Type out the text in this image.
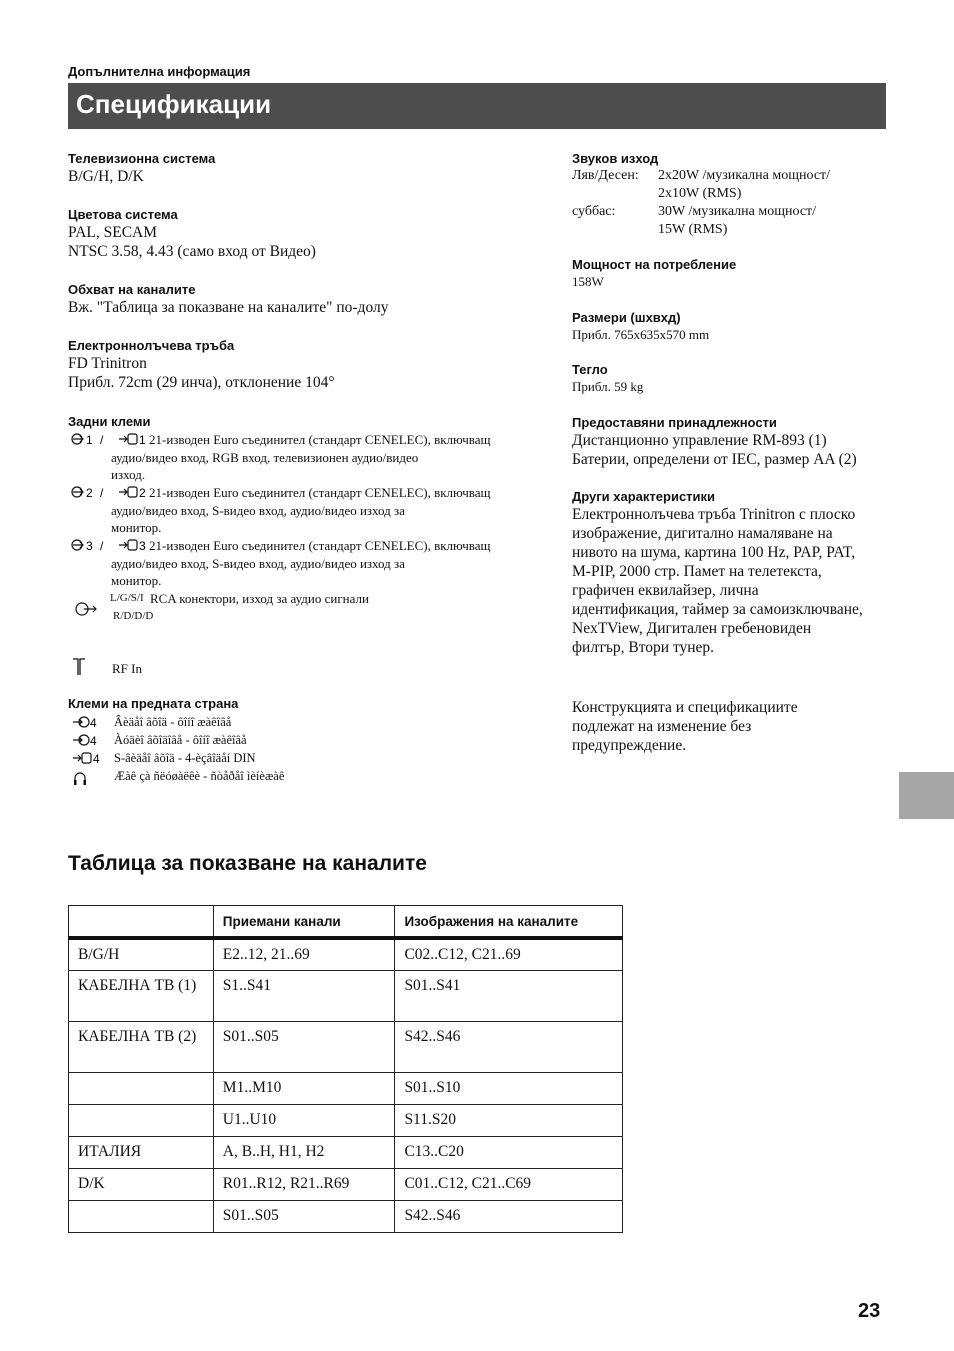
Допълнителна информация
Спецификации
Телевизионна система
B/G/H, D/K
Цветова система
PAL, SECAM
NTSC 3.58, 4.43 (само вход от Видео)
Обхват на каналите
Вж. "Таблица за показване на каналите" по-долу
Електроннолъчева тръба
FD Trinitron
Прибл. 72cm (29 инча), отклонение 104°
Задни клеми
1 /	1 21-изводен Euro съединител (стандарт CENELEC), включващ
аудио/видео вход, RGB вход, телевизионен аудио/видео
изход.
2 /	2 21-изводен Euro съединител (стандарт CENELEC), включващ
аудио/видео вход, S-видео вход, аудио/видео изход за
монитор.
3 /	3 21-изводен Euro съединител (стандарт CENELEC), включващ
аудио/видео вход, S-видео вход, аудио/видео изход за
монитор.
L/G/S/I RCA конектори, изход за аудио сигнали
R/D/D/D
RF In
Клеми на предната страна
4 Âèäåî âõîä - ôîíî æàêîâå
4 Àóäèî âõîäîâå - ôîíî æàêîâå
4 S-âèäåî âõîä - 4-èçâîäåí DIN
Æàê çà ñëóøàëêè - ñòåðåî ìèíèæàê
Звуков изход
Ляв/Десен: 2x20W /музикална мощност/
2x10W (RMS)
суббас:	30W /музикална мощност/
15W (RMS)
Мощност на потребление
158W
Размери (шхвхд)
Прибл. 765x635x570 mm
Тегло
Прибл. 59 kg
Предоставяни принадлежности
Дистанционно управление RM-893 (1)
Батерии, определени от IEC, размер AA (2)
Други характеристики
Електроннолъчева тръба Trinitron с плоско
изображение, дигитално намаляване на
нивото на шума, картина 100 Hz, PAP, PAT,
M-PIP, 2000 стр. Памет на телетекста,
графичен еквилайзер, лична
идентификация, таймер за самоизключване,
NexTView, Дигитален гребеновиден
филтър, Втори тунер.
Конструкцията и спецификациите
подлежат на изменение без
предупреждение.
Таблица за показване на каналите
	Приемани канали	Изображения на каналите
B/G/H	E2..12, 21..69	C02..C12, C21..69
КАБЕЛНА ТВ (1)	S1..S41	S01..S41
КАБЕЛНА ТВ (2)	S01..S05	S42..S46
	M1..M10	S01..S10
	U1..U10	S11.S20
ИТАЛИЯ	A, B..H, H1, H2	C13..C20
D/K	R01..R12, R21..R69	C01..C12, C21..C69
	S01..S05	S42..S46
23
